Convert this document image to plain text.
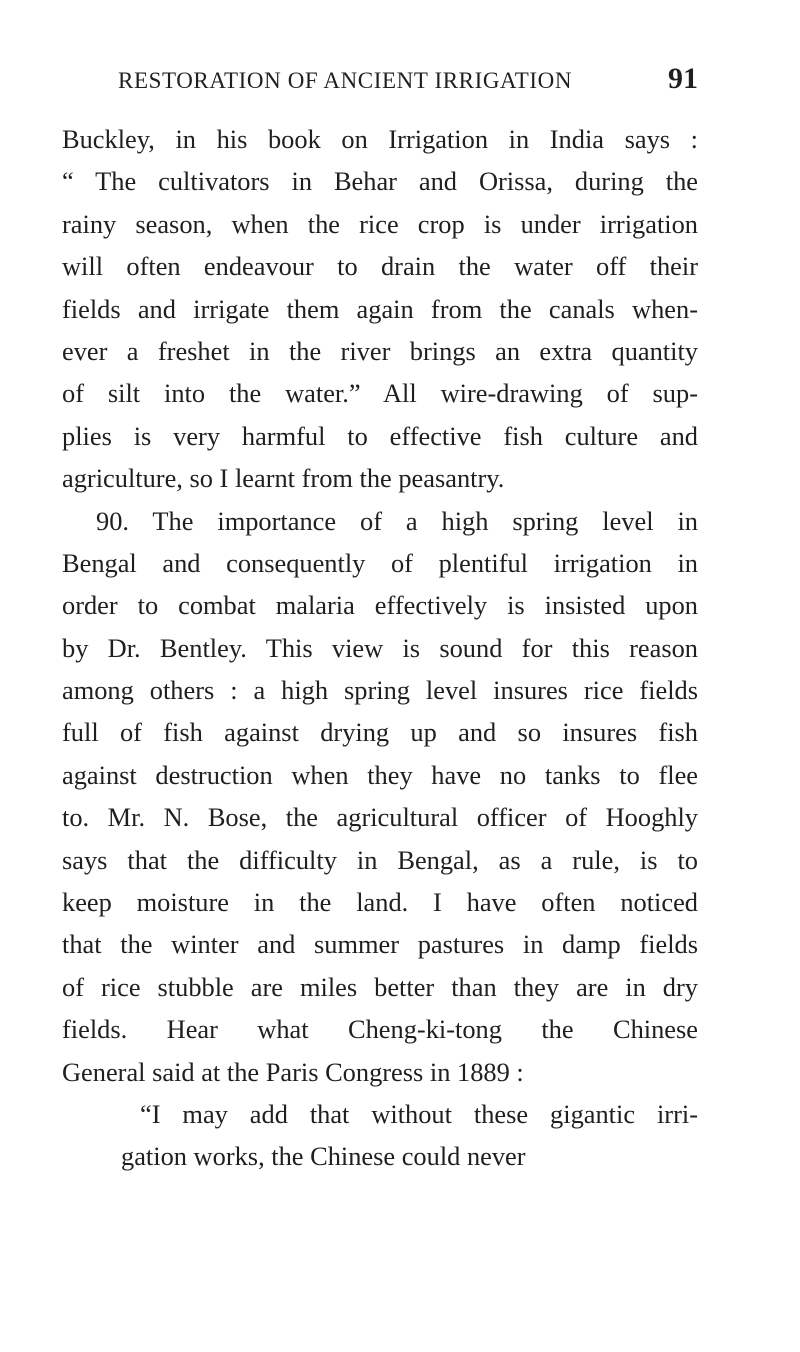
RESTORATION OF ANCIENT IRRIGATION	91
Buckley, in his book on Irrigation in India says :
“ The cultivators in Behar and Orissa, during the
rainy season, when the rice crop is under irrigation
will often endeavour to drain the water off their
fields and irrigate them again from the canals when-
ever a freshet in the river brings an extra quantity
of silt into the water.” All wire-drawing of sup-
plies is very harmful to effective fish culture and
agriculture, so I learnt from the peasantry.
90. The importance of a high spring level in
Bengal and consequently of plentiful irrigation in
order to combat malaria effectively is insisted upon
by Dr. Bentley. This view is sound for this reason
among others : a high spring level insures rice fields
full of fish against drying up and so insures fish
against destruction when they have no tanks to flee
to. Mr. N. Bose, the agricultural officer of Hooghly
says that the difficulty in Bengal, as a rule, is to
keep moisture in the land. I have often noticed
that the winter and summer pastures in damp fields
of rice stubble are miles better than they are in dry
fields. Hear what Cheng-ki-tong the Chinese
General said at the Paris Congress in 1889 :
“I may add that without these gigantic irri-
gation works, the Chinese could never
